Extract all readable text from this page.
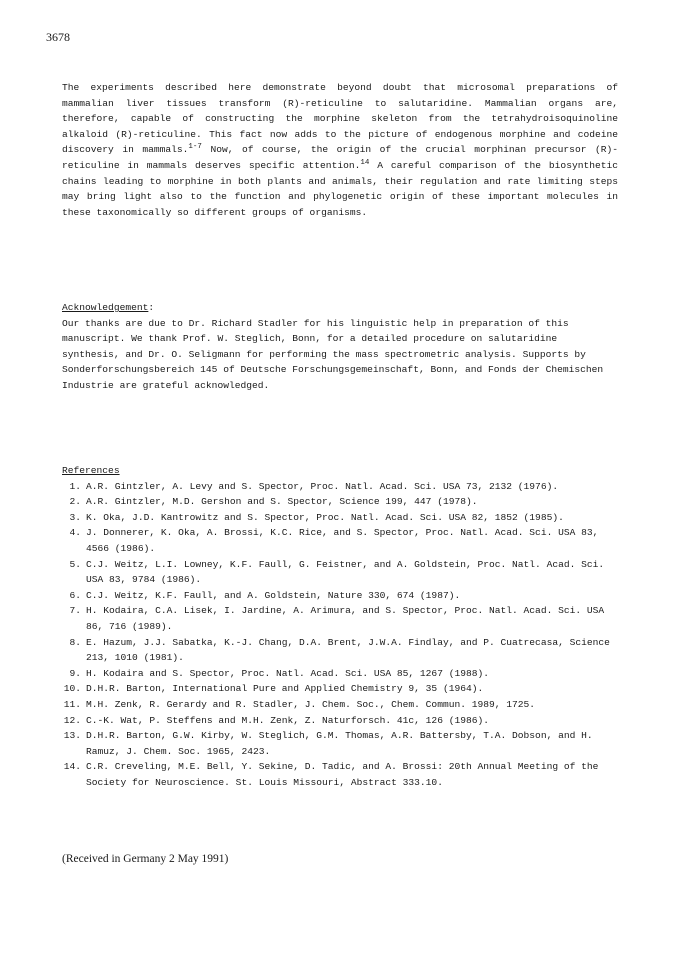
3678
The experiments described here demonstrate beyond doubt that microsomal preparations of mammalian liver tissues transform (R)-reticuline to salutaridine. Mammalian organs are, therefore, capable of constructing the morphine skeleton from the tetrahydroisoquinoline alkaloid (R)-reticuline. This fact now adds to the picture of endogenous morphine and codeine discovery in mammals.$^{1-7}$ Now, of course, the origin of the crucial morphinan precursor (R)-reticuline in mammals deserves specific attention.$^{14}$ A careful comparison of the biosynthetic chains leading to morphine in both plants and animals, their regulation and rate limiting steps may bring light also to the function and phylogenetic origin of these important molecules in these taxonomically so different groups of organisms.
Acknowledgement:
Our thanks are due to Dr. Richard Stadler for his linguistic help in preparation of this manuscript. We thank Prof. W. Steglich, Bonn, for a detailed procedure on salutaridine synthesis, and Dr. O. Seligmann for performing the mass spectrometric analysis. Supports by Sonderforschungsbereich 145 of Deutsche Forschungsgemeinschaft, Bonn, and Fonds der Chemischen Industrie are grateful acknowledged.
References
1. A.R. Gintzler, A. Levy and S. Spector, Proc. Natl. Acad. Sci. USA 73, 2132 (1976).
2. A.R. Gintzler, M.D. Gershon and S. Spector, Science 199, 447 (1978).
3. K. Oka, J.D. Kantrowitz and S. Spector, Proc. Natl. Acad. Sci. USA 82, 1852 (1985).
4. J. Donnerer, K. Oka, A. Brossi, K.C. Rice, and S. Spector, Proc. Natl. Acad. Sci. USA 83, 4566 (1986).
5. C.J. Weitz, L.I. Lowney, K.F. Faull, G. Feistner, and A. Goldstein, Proc. Natl. Acad. Sci. USA 83, 9784 (1986).
6. C.J. Weitz, K.F. Faull, and A. Goldstein, Nature 330, 674 (1987).
7. H. Kodaira, C.A. Lisek, I. Jardine, A. Arimura, and S. Spector, Proc. Natl. Acad. Sci. USA 86, 716 (1989).
8. E. Hazum, J.J. Sabatka, K.-J. Chang, D.A. Brent, J.W.A. Findlay, and P. Cuatrecasa, Science 213, 1010 (1981).
9. H. Kodaira and S. Spector, Proc. Natl. Acad. Sci. USA 85, 1267 (1988).
10. D.H.R. Barton, International Pure and Applied Chemistry 9, 35 (1964).
11. M.H. Zenk, R. Gerardy and R. Stadler, J. Chem. Soc., Chem. Commun. 1989, 1725.
12. C.-K. Wat, P. Steffens and M.H. Zenk, Z. Naturforsch. 41c, 126 (1986).
13. D.H.R. Barton, G.W. Kirby, W. Steglich, G.M. Thomas, A.R. Battersby, T.A. Dobson, and H. Ramuz, J. Chem. Soc. 1965, 2423.
14. C.R. Creveling, M.E. Bell, Y. Sekine, D. Tadic, and A. Brossi: 20th Annual Meeting of the Society for Neuroscience. St. Louis Missouri, Abstract 333.10.
(Received in Germany 2 May 1991)
